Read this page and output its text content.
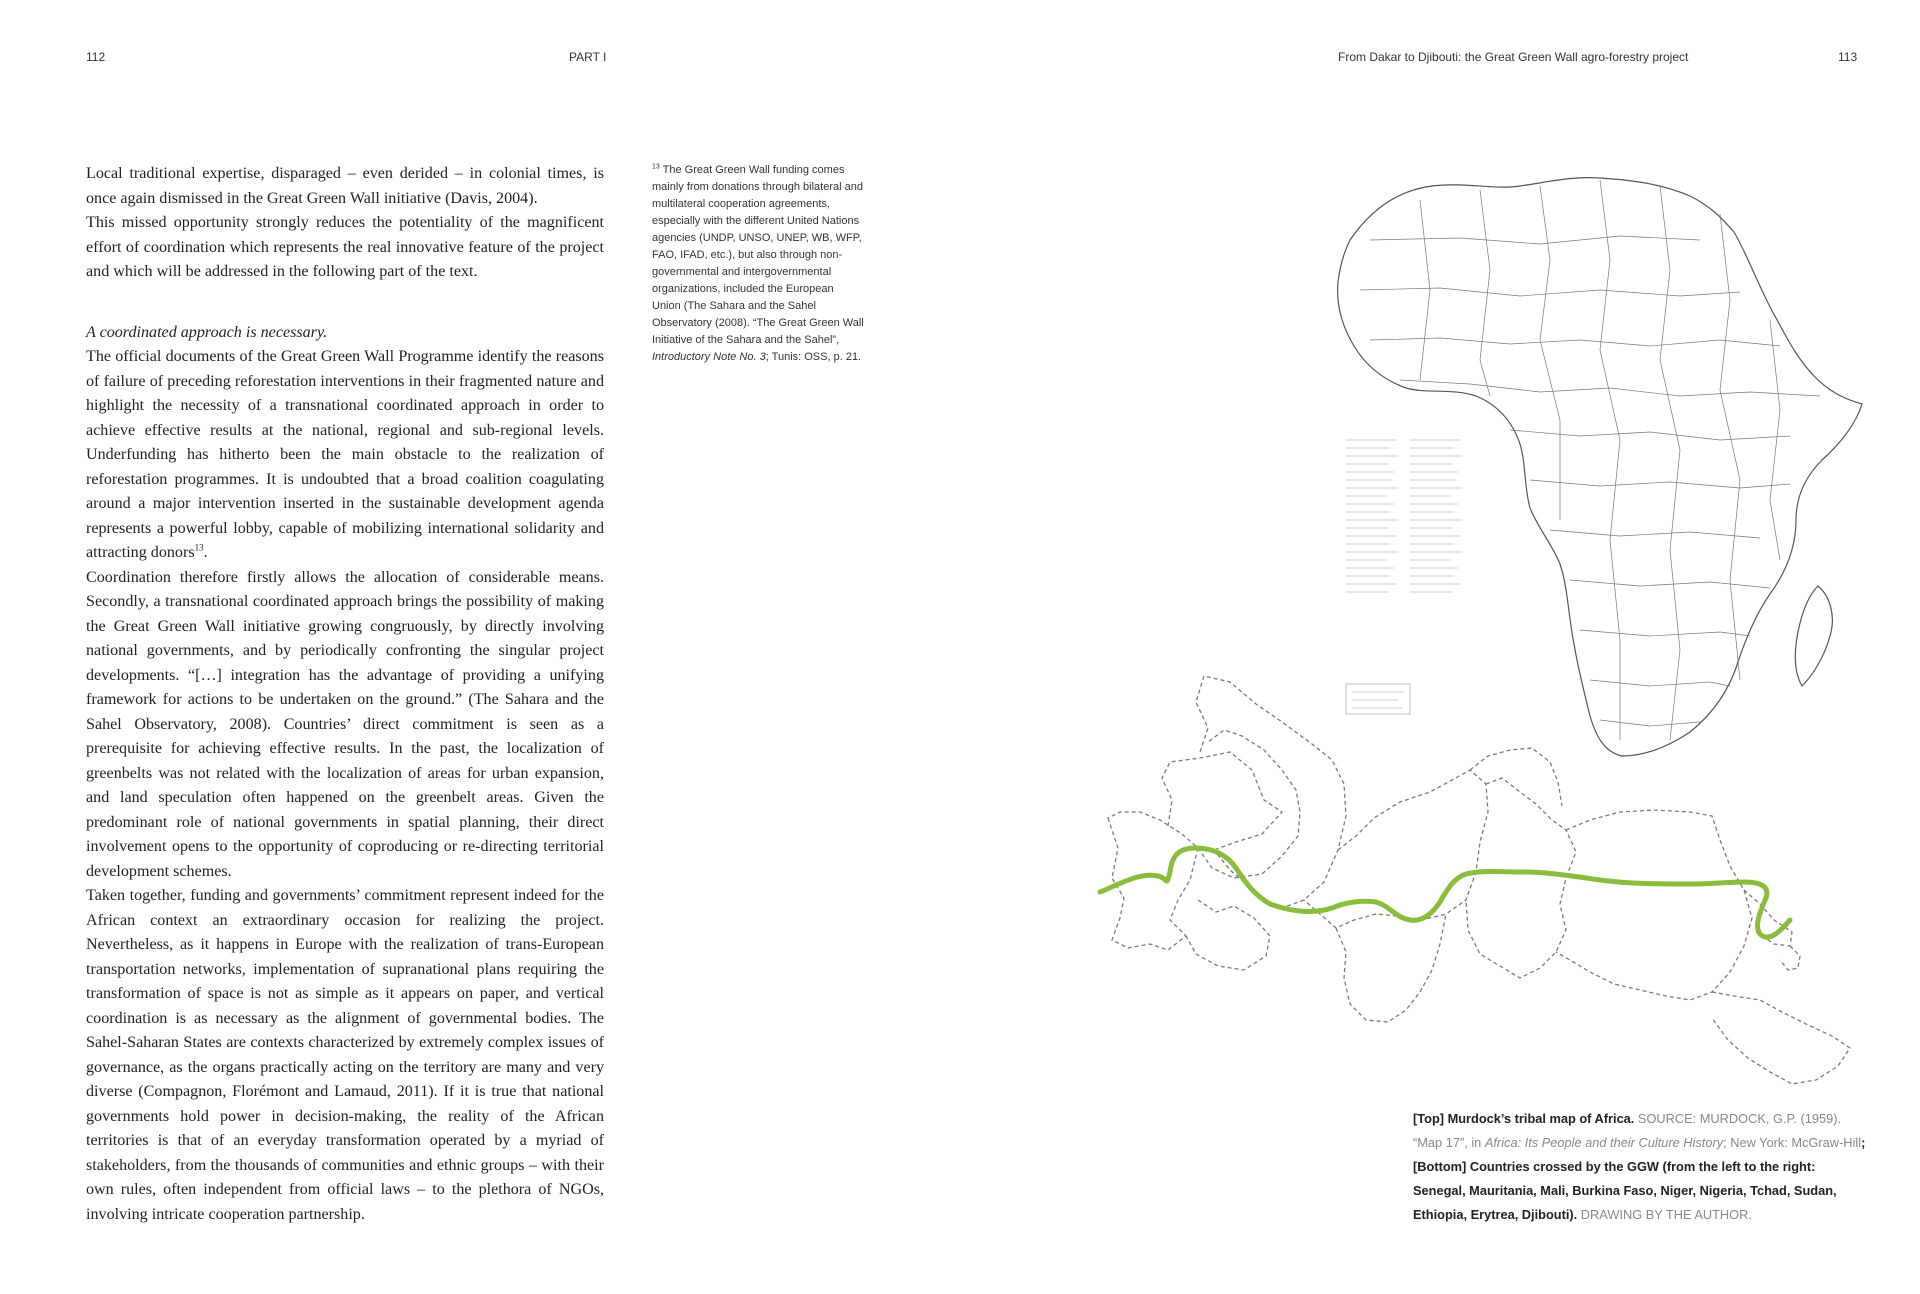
112	PART I	From Dakar to Djibouti: the Great Green Wall agro-forestry project	113

Local traditional expertise, disparaged – even derided – in colonial times, is once again dismissed in the Great Green Wall initiative (Davis, 2004).
This missed opportunity strongly reduces the potentiality of the magnificent effort of coordination which represents the real innovative feature of the project and which will be addressed in the following part of the text.

A coordinated approach is necessary.

The official documents of the Great Green Wall Programme identify the reasons of failure of preceding reforestation interventions in their fragmented nature and highlight the necessity of a transnational coordinated approach in order to achieve effective results at the national, regional and sub-regional levels. Underfunding has hitherto been the main obstacle to the realization of reforestation programmes. It is undoubted that a broad coalition coagulating around a major intervention inserted in the sustainable development agenda represents a powerful lobby, capable of mobilizing international solidarity and attracting donors$^{13}$.

Coordination therefore firstly allows the allocation of considerable means. Secondly, a transnational coordinated approach brings the possibility of making the Great Green Wall initiative growing congruously, by directly involving national governments, and by periodically confronting the singular project developments. “[…] integration has the advantage of providing a unifying framework for actions to be undertaken on the ground.” (The Sahara and the Sahel Observatory, 2008). Countries’ direct commitment is seen as a prerequisite for achieving effective results. In the past, the localization of greenbelts was not related with the localization of areas for urban expansion, and land speculation often happened on the greenbelt areas. Given the predominant role of national governments in spatial planning, their direct involvement opens to the opportunity of coproducing or re-directing territorial development schemes.

Taken together, funding and governments’ commitment represent indeed for the African context an extraordinary occasion for realizing the project. Nevertheless, as it happens in Europe with the realization of trans-European transportation networks, implementation of supranational plans requiring the transformation of space is not as simple as it appears on paper, and vertical coordination is as necessary as the alignment of governmental bodies. The Sahel-Saharan States are contexts characterized by extremely complex issues of governance, as the organs practically acting on the territory are many and very diverse (Compagnon, Florémont and Lamaud, 2011). If it is true that national governments hold power in decision-making, the reality of the African territories is that of an everyday transformation operated by a myriad of stakeholders, from the thousands of communities and ethnic groups – with their own rules, often independent from official laws – to the plethora of NGOs, involving intricate cooperation partnership.

$^{13}$ The Great Green Wall funding comes mainly from donations through bilateral and multilateral cooperation agreements, especially with the different United Nations agencies (UNDP, UNSO, UNEP, WB, WFP, FAO, IFAD, etc.), but also through non-governmental and intergovernmental organizations, included the European Union (The Sahara and the Sahel Observatory (2008). “The Great Green Wall Initiative of the Sahara and the Sahel”, Introductory Note No. 3; Tunis: OSS, p. 21.
[Top] Murdock’s tribal map of Africa. SOURCE: MURDOCK, G.P. (1959). “Map 17”, in Africa: Its People and their Culture History; New York: McGraw-Hill; [Bottom] Countries crossed by the GGW (from the left to the right: Senegal, Mauritania, Mali, Burkina Faso, Niger, Nigeria, Tchad, Sudan, Ethiopia, Erytrea, Djibouti). DRAWING BY THE AUTHOR.
